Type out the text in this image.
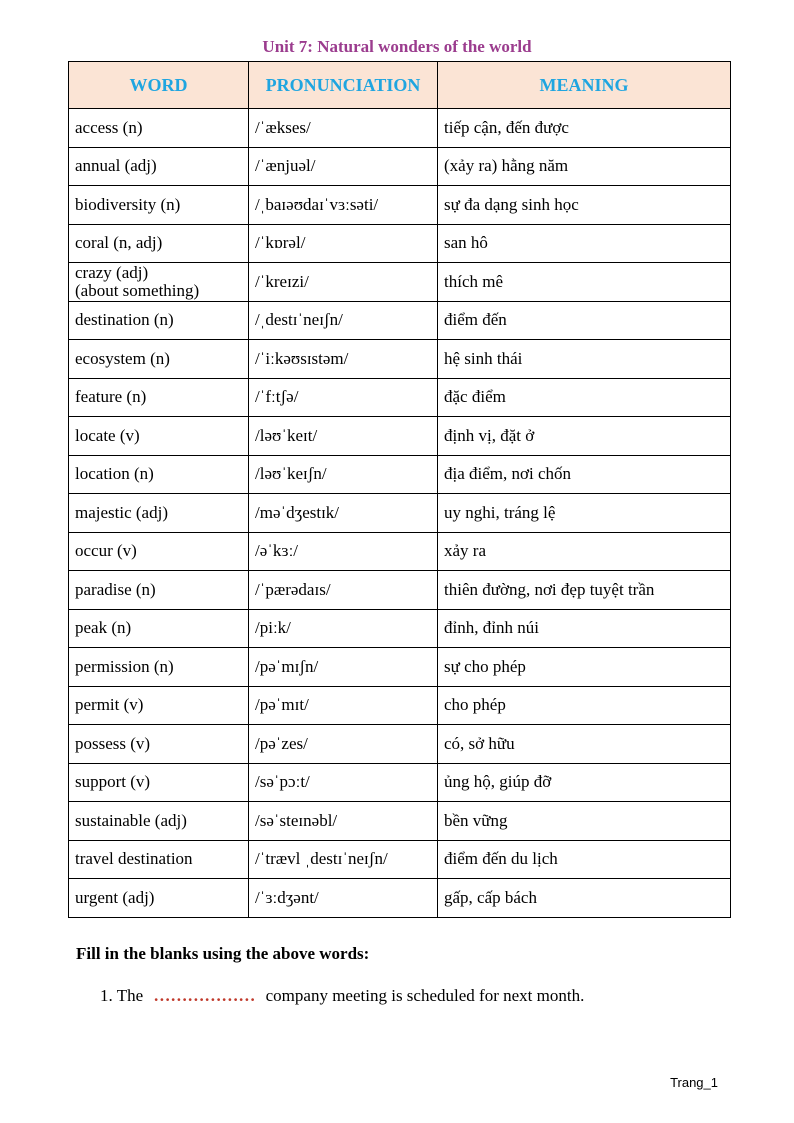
Unit 7: Natural wonders of the world
WORD	PRONUNCIATION	MEANING
access (n)	/ˈækses/	tiếp cận, đến được
annual (adj)	/ˈænjuəl/	(xảy ra) hằng năm
biodiversity (n)	/ˌbaɪəʊdaɪˈvɜːsəti/	sự đa dạng sinh học
coral (n, adj)	/ˈkɒrəl/	san hô
crazy (adj)
(about something)	/ˈkreɪzi/	thích mê
destination (n)	/ˌdestɪˈneɪʃn/	điểm đến
ecosystem (n)	/ˈiːkəʊsɪstəm/	hệ sinh thái
feature (n)	/ˈfːtʃə/	đặc điểm
locate (v)	/ləʊˈkeɪt/	định vị, đặt ở
location (n)	/ləʊˈkeɪʃn/	địa điểm, nơi chốn
majestic (adj)	/məˈdʒestɪk/	uy nghi, tráng lệ
occur (v)	/əˈkɜː/	xảy ra
paradise (n)	/ˈpærədaɪs/	thiên đường, nơi đẹp tuyệt trần
peak (n)	/piːk/	đỉnh, đỉnh núi
permission (n)	/pəˈmɪʃn/	sự cho phép
permit (v)	/pəˈmɪt/	cho phép
possess (v)	/pəˈzes/	có, sở hữu
support (v)	/səˈpɔːt/	ủng hộ, giúp đỡ
sustainable (adj)	/səˈsteɪnəbl/	bền vững
travel destination	/ˈtrævl ˌdestɪˈneɪʃn/	điểm đến du lịch
urgent (adj)	/ˈɜːdʒənt/	gấp, cấp bách
Fill in the blanks using the above words:
1. The ……………… company meeting is scheduled for next month.
Trang_1
